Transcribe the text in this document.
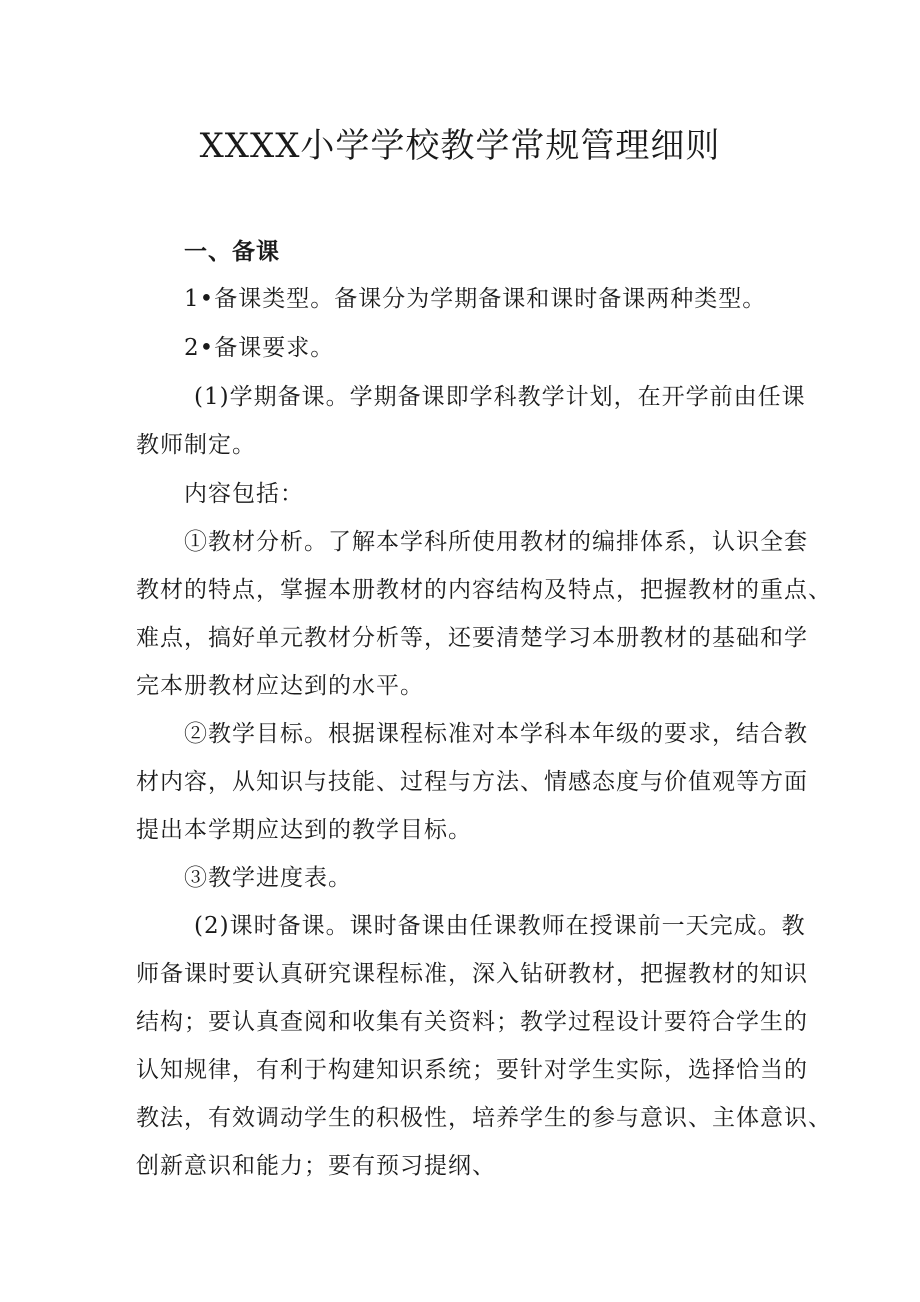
XXXX小学学校教学常规管理细则
一、备课

1•备课类型。备课分为学期备课和课时备课两种类型。

2•备课要求。

(1)学期备课。学期备课即学科教学计划，在开学前由任课
教师制定。

内容包括：

①教材分析。了解本学科所使用教材的编排体系，认识全套
教材的特点，掌握本册教材的内容结构及特点，把握教材的重点、
难点，搞好单元教材分析等，还要清楚学习本册教材的基础和学
完本册教材应达到的水平。

②教学目标。根据课程标准对本学科本年级的要求，结合教
材内容，从知识与技能、过程与方法、情感态度与价值观等方面
提出本学期应达到的教学目标。

③教学进度表。

(2)课时备课。课时备课由任课教师在授课前一天完成。教
师备课时要认真研究课程标准，深入钻研教材，把握教材的知识
结构；要认真查阅和收集有关资料；教学过程设计要符合学生的
认知规律，有利于构建知识系统；要针对学生实际，选择恰当的
教法，有效调动学生的积极性，培养学生的参与意识、主体意识、
创新意识和能力；要有预习提纲、
